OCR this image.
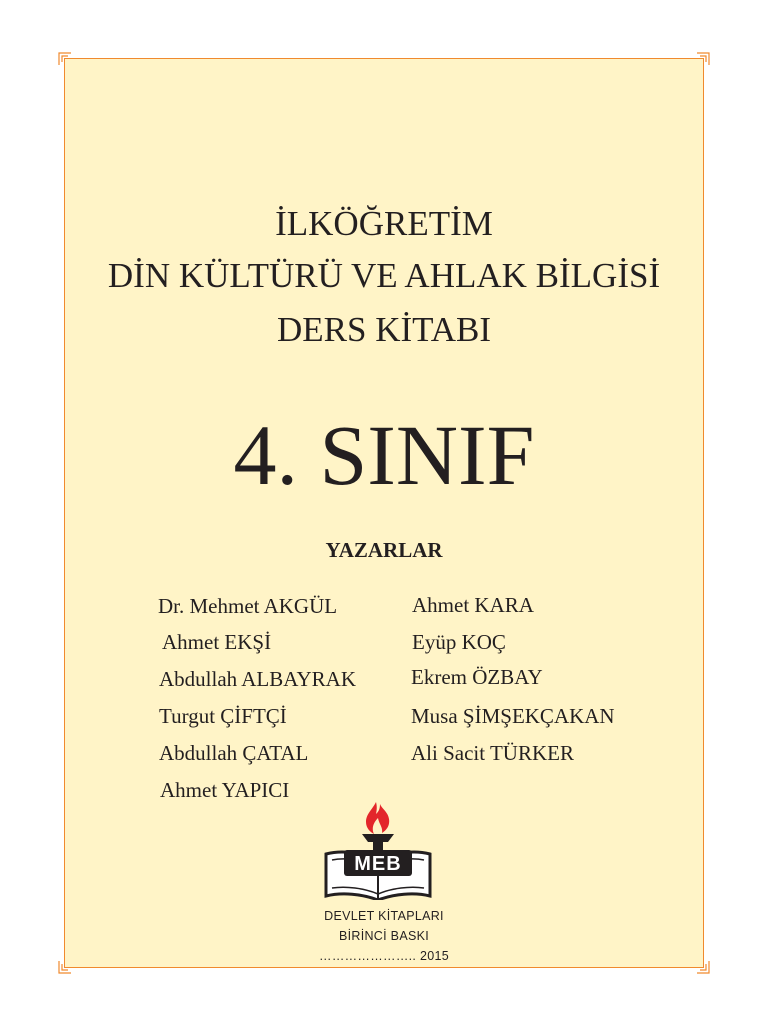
İLKÖĞRETİM
DİN KÜLTÜRÜ VE AHLAK BİLGİSİ
DERS KİTABI
4. SINIF
YAZARLAR
Dr. Mehmet AKGÜL
Ahmet EKŞİ
Abdullah ALBAYRAK
Turgut ÇİFTÇİ
Abdullah ÇATAL
Ahmet YAPICI
Ahmet KARA
Eyüp KOÇ
Ekrem ÖZBAY
Musa ŞİMŞEKÇAKAN
Ali Sacit TÜRKER
MEB
DEVLET KİTAPLARI
BİRİNCİ BASKI
………………….. 2015
